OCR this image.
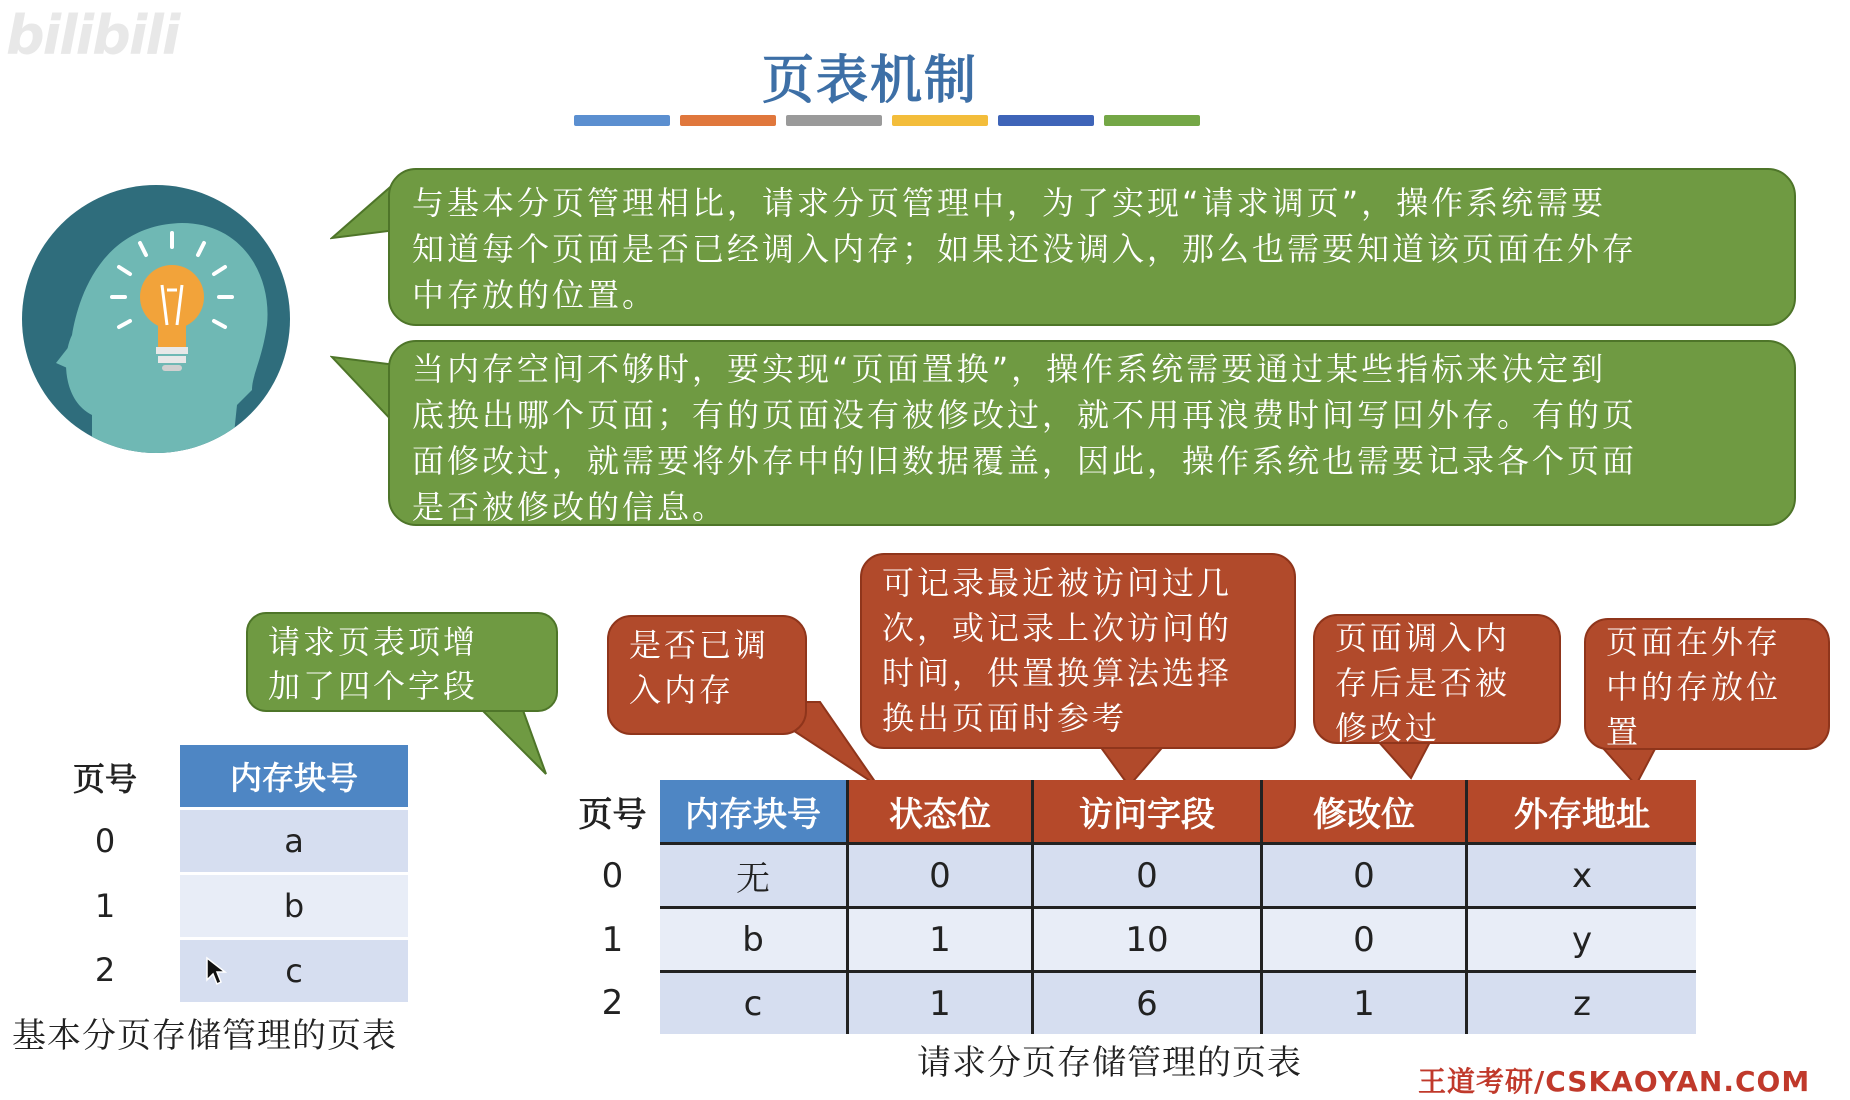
bilibili
页表机制
与基本分页管理相比，请求分页管理中，为了实现“请求调页”，操作系统需要
知道每个页面是否已经调入内存；如果还没调入，那么也需要知道该页面在外存
中存放的位置。
当内存空间不够时，要实现“页面置换”，操作系统需要通过某些指标来决定到
底换出哪个页面；有的页面没有被修改过，就不用再浪费时间写回外存。有的页
面修改过，就需要将外存中的旧数据覆盖，因此，操作系统也需要记录各个页面
是否被修改的信息。
请求页表项增
加了四个字段
是否已调
入内存
可记录最近被访问过几
次，或记录上次访问的
时间，供置换算法选择
换出页面时参考
页面调入内
存后是否被
修改过
页面在外存
中的存放位
置
页号	内存块号
0	a
1	b
2	c
基本分页存储管理的页表
页号	内存块号	状态位	访问字段	修改位	外存地址
0	无	0	0	0	x
1	b	1	10	0	y
2	c	1	6	1	z
请求分页存储管理的页表	王道考研/CSKAOYAN.COM
